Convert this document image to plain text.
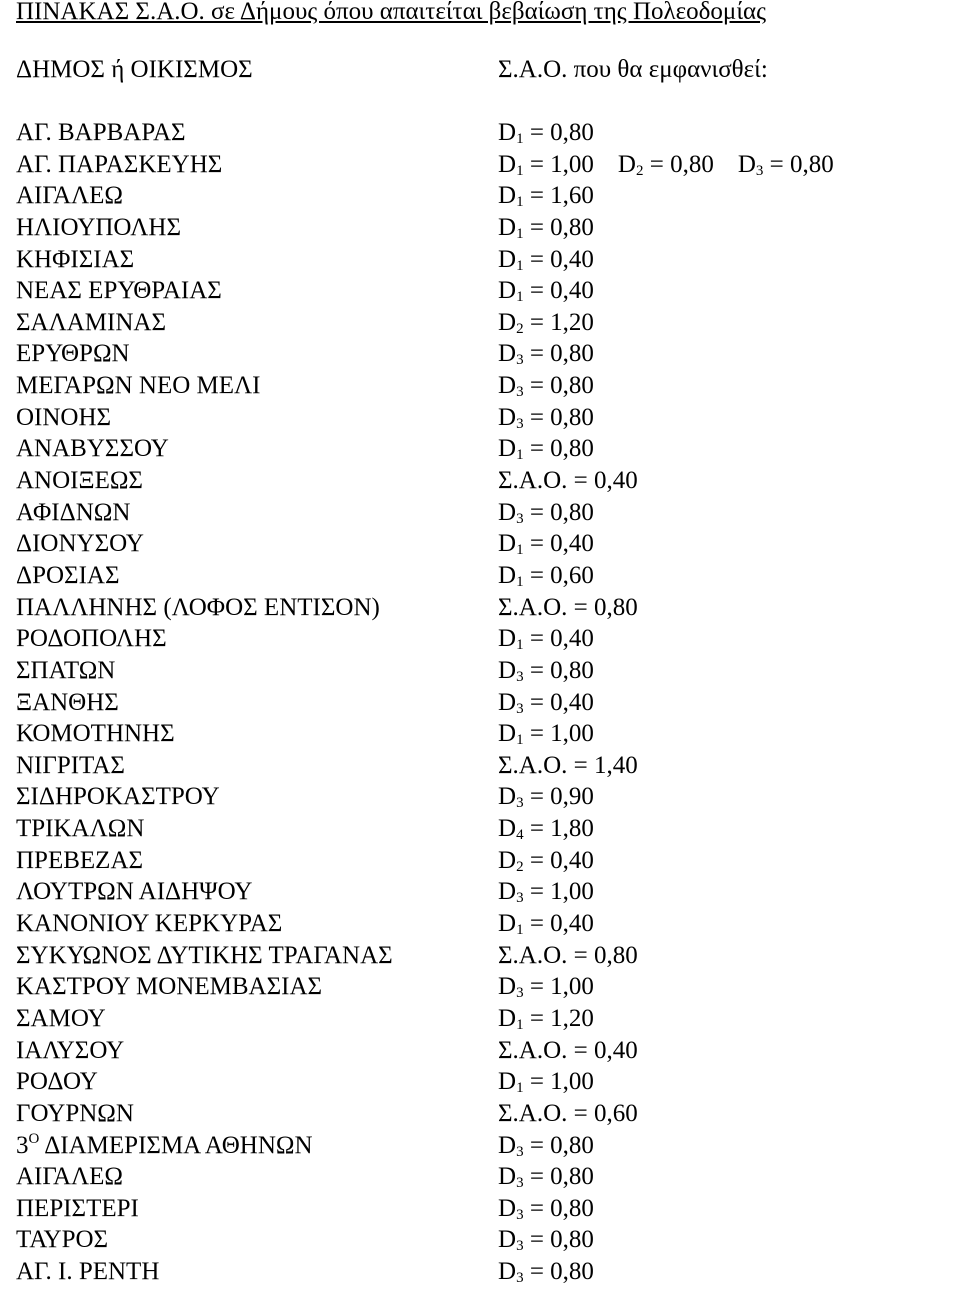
ΠΙΝΑΚΑΣ Σ.Α.Ο. σε Δήμους όπου απαιτείται βεβαίωση της Πολεοδομίας
ΔΗΜΟΣ ή ΟΙΚΙΣΜΟΣ	Σ.Α.Ο. που θα εμφανισθεί:
ΑΓ. ΒΑΡΒΑΡΑΣ	$D_1 = 0,80$
ΑΓ. ΠΑΡΑΣΚΕΥΗΣ	$D_1 = 1,00$ $D_2 = 0,80$ $D_3 = 0,80$
ΑΙΓΑΛΕΩ	$D_1 = 1,60$
ΗΛΙΟΥΠΟΛΗΣ	$D_1 = 0,80$
ΚΗΦΙΣΙΑΣ	$D_1 = 0,40$
ΝΕΑΣ ΕΡΥΘΡΑΙΑΣ	$D_1 = 0,40$
ΣΑΛΑΜΙΝΑΣ	$D_2 = 1,20$
ΕΡΥΘΡΩΝ	$D_3 = 0,80$
ΜΕΓΑΡΩΝ ΝΕΟ ΜΕΛΙ	$D_3 = 0,80$
ΟΙΝΟΗΣ	$D_3 = 0,80$
ΑΝΑΒΥΣΣΟΥ	$D_1 = 0,80$
ΑΝΟΙΞΕΩΣ	Σ.Α.Ο. = 0,40
ΑΦΙΔΝΩΝ	$D_3 = 0,80$
ΔΙΟΝΥΣΟΥ	$D_1 = 0,40$
ΔΡΟΣΙΑΣ	$D_1 = 0,60$
ΠΑΛΛΗΝΗΣ (ΛΟΦΟΣ ΕΝΤΙΣΟΝ)	Σ.Α.Ο. = 0,80
ΡΟΔΟΠΟΛΗΣ	$D_1 = 0,40$
ΣΠΑΤΩΝ	$D_3 = 0,80$
ΞΑΝΘΗΣ	$D_3 = 0,40$
ΚΟΜΟΤΗΝΗΣ	$D_1 = 1,00$
ΝΙΓΡΙΤΑΣ	Σ.Α.Ο. = 1,40
ΣΙΔΗΡΟΚΑΣΤΡΟΥ	$D_3 = 0,90$
ΤΡΙΚΑΛΩΝ	$D_4 = 1,80$
ΠΡΕΒΕΖΑΣ	$D_2 = 0,40$
ΛΟΥΤΡΩΝ ΑΙΔΗΨΟΥ	$D_3 = 1,00$
ΚΑΝΟΝΙΟΥ ΚΕΡΚΥΡΑΣ	$D_1 = 0,40$
ΣΥΚΥΩΝΟΣ ΔΥΤΙΚΗΣ ΤΡΑΓΑΝΑΣ	Σ.Α.Ο. = 0,80
ΚΑΣΤΡΟΥ ΜΟΝΕΜΒΑΣΙΑΣ	$D_3 = 1,00$
ΣΑΜΟΥ	$D_1 = 1,20$
ΙΑΛΥΣΟΥ	Σ.Α.Ο. = 0,40
ΡΟΔΟΥ	$D_1 = 1,00$
ΓΟΥΡΝΩΝ	Σ.Α.Ο. = 0,60
$3^O$ ΔΙΑΜΕΡΙΣΜΑ ΑΘΗΝΩΝ	$D_3 = 0,80$
ΑΙΓΑΛΕΩ	$D_3 = 0,80$
ΠΕΡΙΣΤΕΡΙ	$D_3 = 0,80$
ΤΑΥΡΟΣ	$D_3 = 0,80$
ΑΓ. Ι. ΡΕΝΤΗ	$D_3 = 0,80$
